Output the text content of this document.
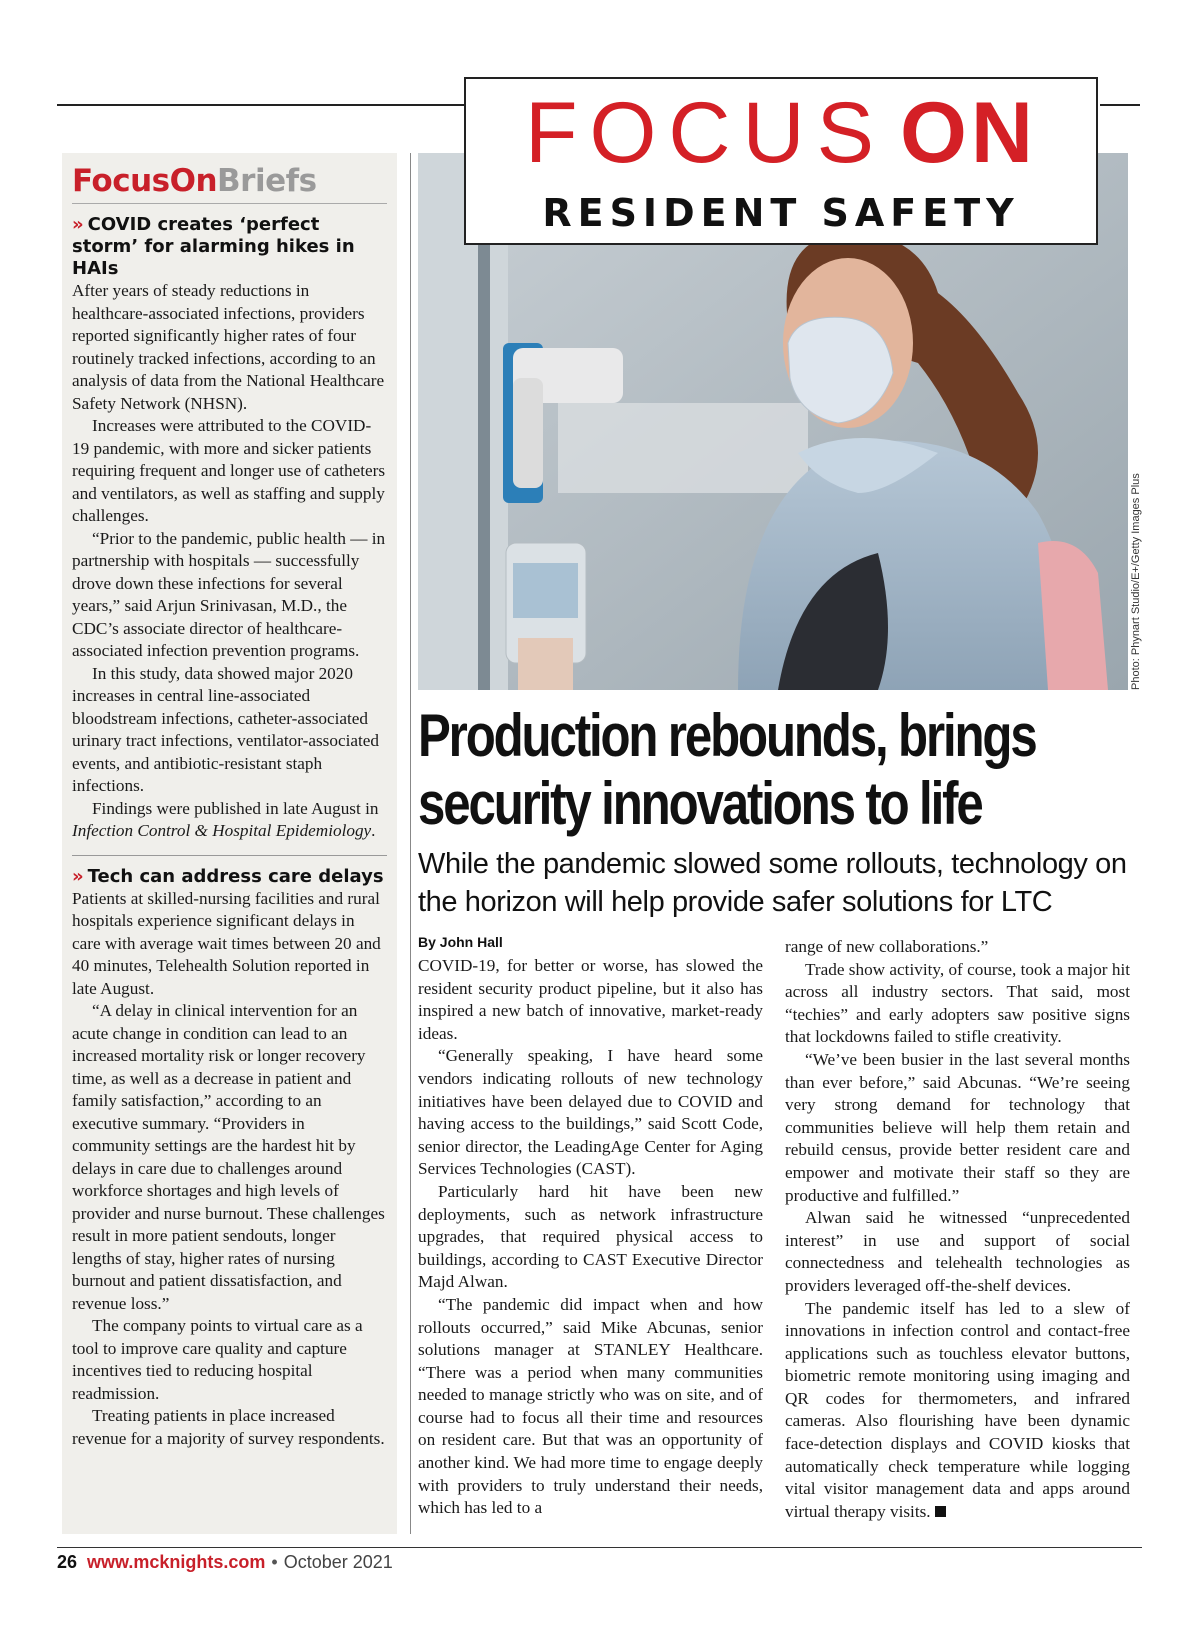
FOCUS ON
RESIDENT SAFETY
FocusOnBriefs
» COVID creates ‘perfect storm’ for alarming hikes in HAIs

After years of steady reductions in healthcare-associated infections, providers reported significantly higher rates of four routinely tracked infections, according to an analysis of data from the National Healthcare Safety Network (NHSN).

Increases were attributed to the COVID-19 pandemic, with more and sicker patients requiring frequent and longer use of catheters and ventilators, as well as staffing and supply challenges.

“Prior to the pandemic, public health — in partnership with hospitals — successfully drove down these infections for several years,” said Arjun Srinivasan, M.D., the CDC’s associate director of healthcare-associated infection prevention programs.

In this study, data showed major 2020 increases in central line-associated bloodstream infections, catheter-associated urinary tract infections, ventilator-associated events, and antibiotic-resistant staph infections.

Findings were published in late August in Infection Control & Hospital Epidemiology.

» Tech can address care delays

Patients at skilled-nursing facilities and rural hospitals experience significant delays in care with average wait times between 20 and 40 minutes, Telehealth Solution reported in late August.

“A delay in clinical intervention for an acute change in condition can lead to an increased mortality risk or longer recovery time, as well as a decrease in patient and family satisfaction,” according to an executive summary. “Providers in community settings are the hardest hit by delays in care due to challenges around workforce shortages and high levels of provider and nurse burnout. These challenges result in more patient sendouts, longer lengths of stay, higher rates of nursing burnout and patient dissatisfaction, and revenue loss.”

The company points to virtual care as a tool to improve care quality and capture incentives tied to reducing hospital readmission.

Treating patients in place increased revenue for a majority of survey respondents.

Photo: Phynart Studio/E+/Getty Images Plus
Production rebounds, brings security innovations to life
While the pandemic slowed some rollouts, technology on the horizon will help provide safer solutions for LTC
By John Hall

COVID-19, for better or worse, has slowed the resident security product pipeline, but it also has inspired a new batch of innovative, market-ready ideas.

“Generally speaking, I have heard some vendors indicating rollouts of new technology initiatives have been delayed due to COVID and having access to the buildings,” said Scott Code, senior director, the LeadingAge Center for Aging Services Technologies (CAST).

Particularly hard hit have been new deployments, such as network infrastructure upgrades, that required physical access to buildings, according to CAST Executive Director Majd Alwan.

“The pandemic did impact when and how rollouts occurred,” said Mike Abcunas, senior solutions manager at STANLEY Healthcare. “There was a period when many communities needed to manage strictly who was on site, and of course had to focus all their time and resources on resident care. But that was an opportunity of another kind. We had more time to engage deeply with providers to truly understand their needs, which has led to a

range of new collaborations.”

Trade show activity, of course, took a major hit across all industry sectors. That said, most “techies” and early adopters saw positive signs that lockdowns failed to stifle creativity.

“We’ve been busier in the last several months than ever before,” said Abcunas. “We’re seeing very strong demand for technology that communities believe will help them retain and rebuild census, provide better resident care and empower and motivate their staff so they are productive and fulfilled.”

Alwan said he witnessed “unprecedented interest” in use and support of social connectedness and telehealth technologies as providers leveraged off-the-shelf devices.

The pandemic itself has led to a slew of innovations in infection control and contact-free applications such as touchless elevator buttons, biometric remote monitoring using imaging and QR codes for thermometers, and infrared cameras. Also flourishing have been dynamic face-detection displays and COVID kiosks that automatically check temperature while logging vital visitor management data and apps around virtual therapy visits.

26 www.mcknights.com • October 2021
